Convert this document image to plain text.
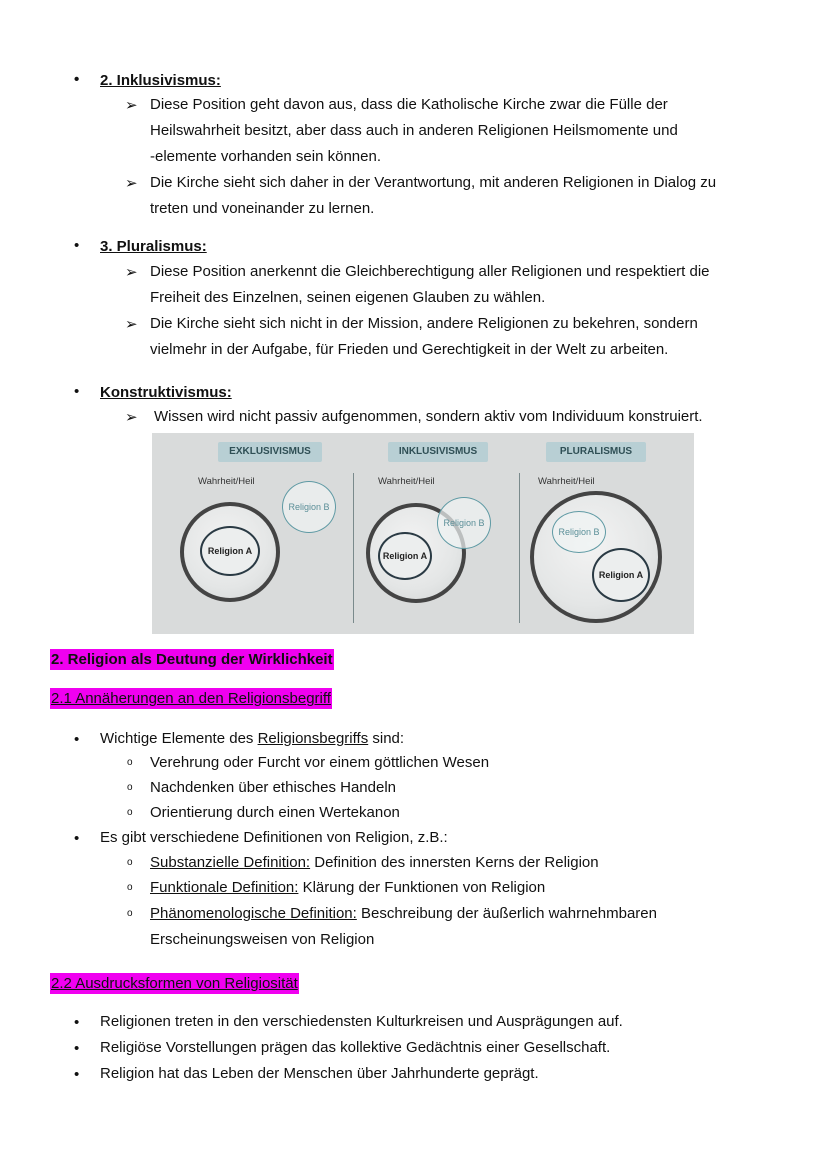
• 2. Inklusivismus:
➢ Diese Position geht davon aus, dass die Katholische Kirche zwar die Fülle der
Heilswahrheit besitzt, aber dass auch in anderen Religionen Heilsmomente und
-elemente vorhanden sein können.
➢ Die Kirche sieht sich daher in der Verantwortung, mit anderen Religionen in Dialog zu
treten und voneinander zu lernen.
• 3. Pluralismus:
➢ Diese Position anerkennt die Gleichberechtigung aller Religionen und respektiert die
Freiheit des Einzelnen, seinen eigenen Glauben zu wählen.
➢ Die Kirche sieht sich nicht in der Mission, andere Religionen zu bekehren, sondern
vielmehr in der Aufgabe, für Frieden und Gerechtigkeit in der Welt zu arbeiten.
• Konstruktivismus:
➢ Wissen wird nicht passiv aufgenommen, sondern aktiv vom Individuum konstruiert.
EXKLUSIVISMUS
Wahrheit/Heil
Religion A
Religion B
INKLUSIVISMUS
Wahrheit/Heil
Religion A
Religion B
PLURALISMUS
Wahrheit/Heil
Religion B
Religion A
2. Religion als Deutung der Wirklichkeit
2.1 Annäherungen an den Religionsbegriff
• Wichtige Elemente des Religionsbegriffs sind:
o Verehrung oder Furcht vor einem göttlichen Wesen
o Nachdenken über ethisches Handeln
o Orientierung durch einen Wertekanon
• Es gibt verschiedene Definitionen von Religion, z.B.:
o Substanzielle Definition: Definition des innersten Kerns der Religion
o Funktionale Definition: Klärung der Funktionen von Religion
o Phänomenologische Definition: Beschreibung der äußerlich wahrnehmbaren
Erscheinungsweisen von Religion
2.2 Ausdrucksformen von Religiosität
• Religionen treten in den verschiedensten Kulturkreisen und Ausprägungen auf.
• Religiöse Vorstellungen prägen das kollektive Gedächtnis einer Gesellschaft.
• Religion hat das Leben der Menschen über Jahrhunderte geprägt.
